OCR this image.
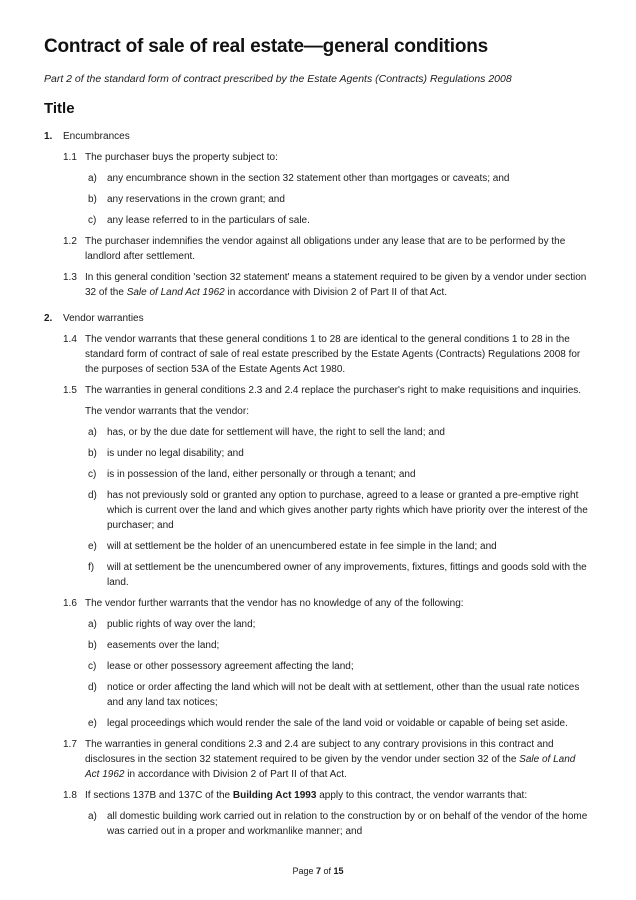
Contract of sale of real estate—general conditions

Part 2 of the standard form of contract prescribed by the Estate Agents (Contracts) Regulations 2008

Title
1.	Encumbrances
1.1 The purchaser buys the property subject to:
a)	any encumbrance shown in the section 32 statement other than mortgages or caveats; and
b)	any reservations in the crown grant; and
c)	any lease referred to in the particulars of sale.
1.2 The purchaser indemnifies the vendor against all obligations under any lease that are to be performed by the landlord after settlement.
1.3 In this general condition 'section 32 statement' means a statement required to be given by a vendor under section 32 of the Sale of Land Act 1962 in accordance with Division 2 of Part II of that Act.
2.	Vendor warranties
1.4 The vendor warrants that these general conditions 1 to 28 are identical to the general conditions 1 to 28 in the standard form of contract of sale of real estate prescribed by the Estate Agents (Contracts) Regulations 2008 for the purposes of section 53A of the Estate Agents Act 1980.
1.5 The warranties in general conditions 2.3 and 2.4 replace the purchaser's right to make requisitions and inquiries.
The vendor warrants that the vendor:
a)	has, or by the due date for settlement will have, the right to sell the land; and
b)	is under no legal disability; and
c)	is in possession of the land, either personally or through a tenant; and
d)	has not previously sold or granted any option to purchase, agreed to a lease or granted a pre-emptive right which is current over the land and which gives another party rights which have priority over the interest of the purchaser; and
e)	will at settlement be the holder of an unencumbered estate in fee simple in the land; and
f)	will at settlement be the unencumbered owner of any improvements, fixtures, fittings and goods sold with the land.
1.6 The vendor further warrants that the vendor has no knowledge of any of the following:
a)	public rights of way over the land;
b)	easements over the land;
c)	lease or other possessory agreement affecting the land;
d)	notice or order affecting the land which will not be dealt with at settlement, other than the usual rate notices and any land tax notices;
e)	legal proceedings which would render the sale of the land void or voidable or capable of being set aside.
1.7 The warranties in general conditions 2.3 and 2.4 are subject to any contrary provisions in this contract and disclosures in the section 32 statement required to be given by the vendor under section 32 of the Sale of Land Act 1962 in accordance with Division 2 of Part II of that Act.
1.8 If sections 137B and 137C of the Building Act 1993 apply to this contract, the vendor warrants that:
a)	all domestic building work carried out in relation to the construction by or on behalf of the vendor of the home was carried out in a proper and workmanlike manner; and
Page 7 of 15
